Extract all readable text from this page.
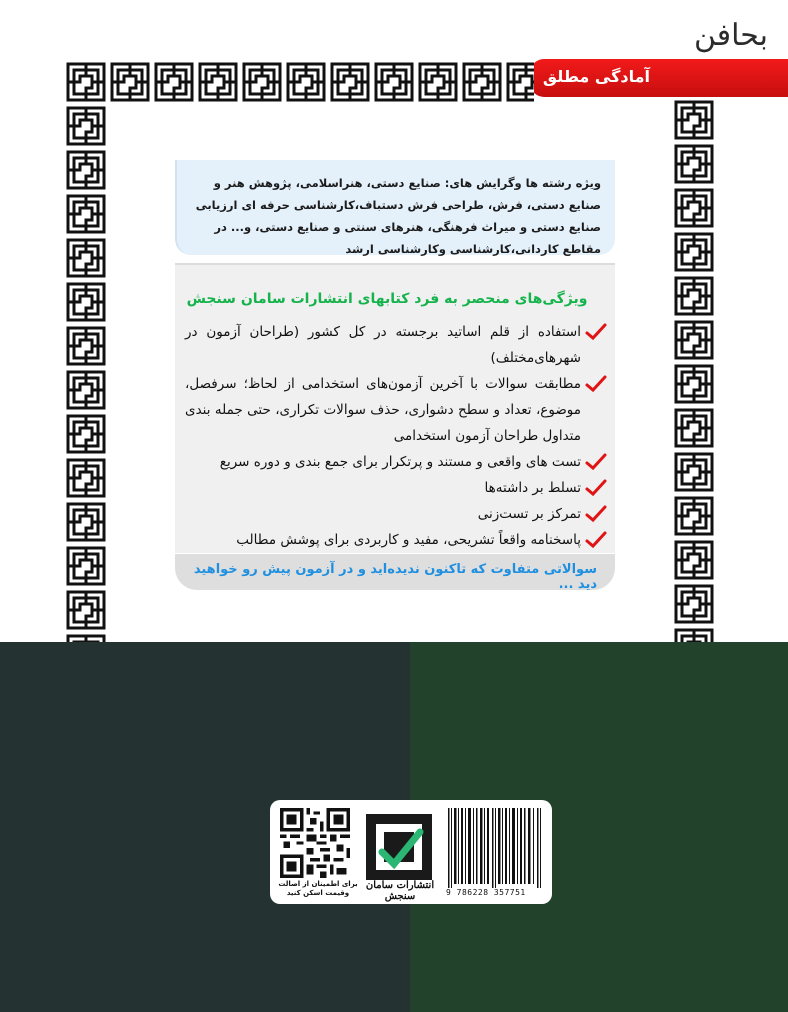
بحافن
آمادگی مطلق
ویژه رشته ها وگرایش های: صنایع دستی، هنراسلامی، پژوهش هنر و صنایع دستی، فرش، طراحی فرش دستباف،کارشناسی حرفه ای ارزیابی صنایع دستی و میراث فرهنگی، هنرهای سنتی و صنایع دستی، و... در مقاطع کاردانی،کارشناسی وکارشناسی ارشد

ویژگی‌های منحصر به فرد کتابهای انتشارات سامان سنجش
استفاده از قلم اساتید برجسته در کل کشور (طراحان آزمون در شهرهای‌مختلف)
مطابقت سوالات با آخرین آزمون‌های استخدامی از لحاظ؛ سرفصل، موضوع، تعداد و سطح دشواری، حذف سوالات تکراری، حتی جمله بندی متداول طراحان آزمون استخدامی
تست های واقعی و مستند و پرتکرار برای جمع بندی و دوره سریع
تسلط بر داشته‌ها
تمرکز بر تست‌زنی
پاسخنامه واقعاً تشریحی، مفید و کاربردی برای پوشش مطالب
سوالاتی متفاوت که تاکنون ندیده‌اید و در آزمون پیش رو خواهید دید ...
برای اطمینان از اصالت وقیمت اسکن کنید
انتشارات سامان سنجش	9 786228 357751
